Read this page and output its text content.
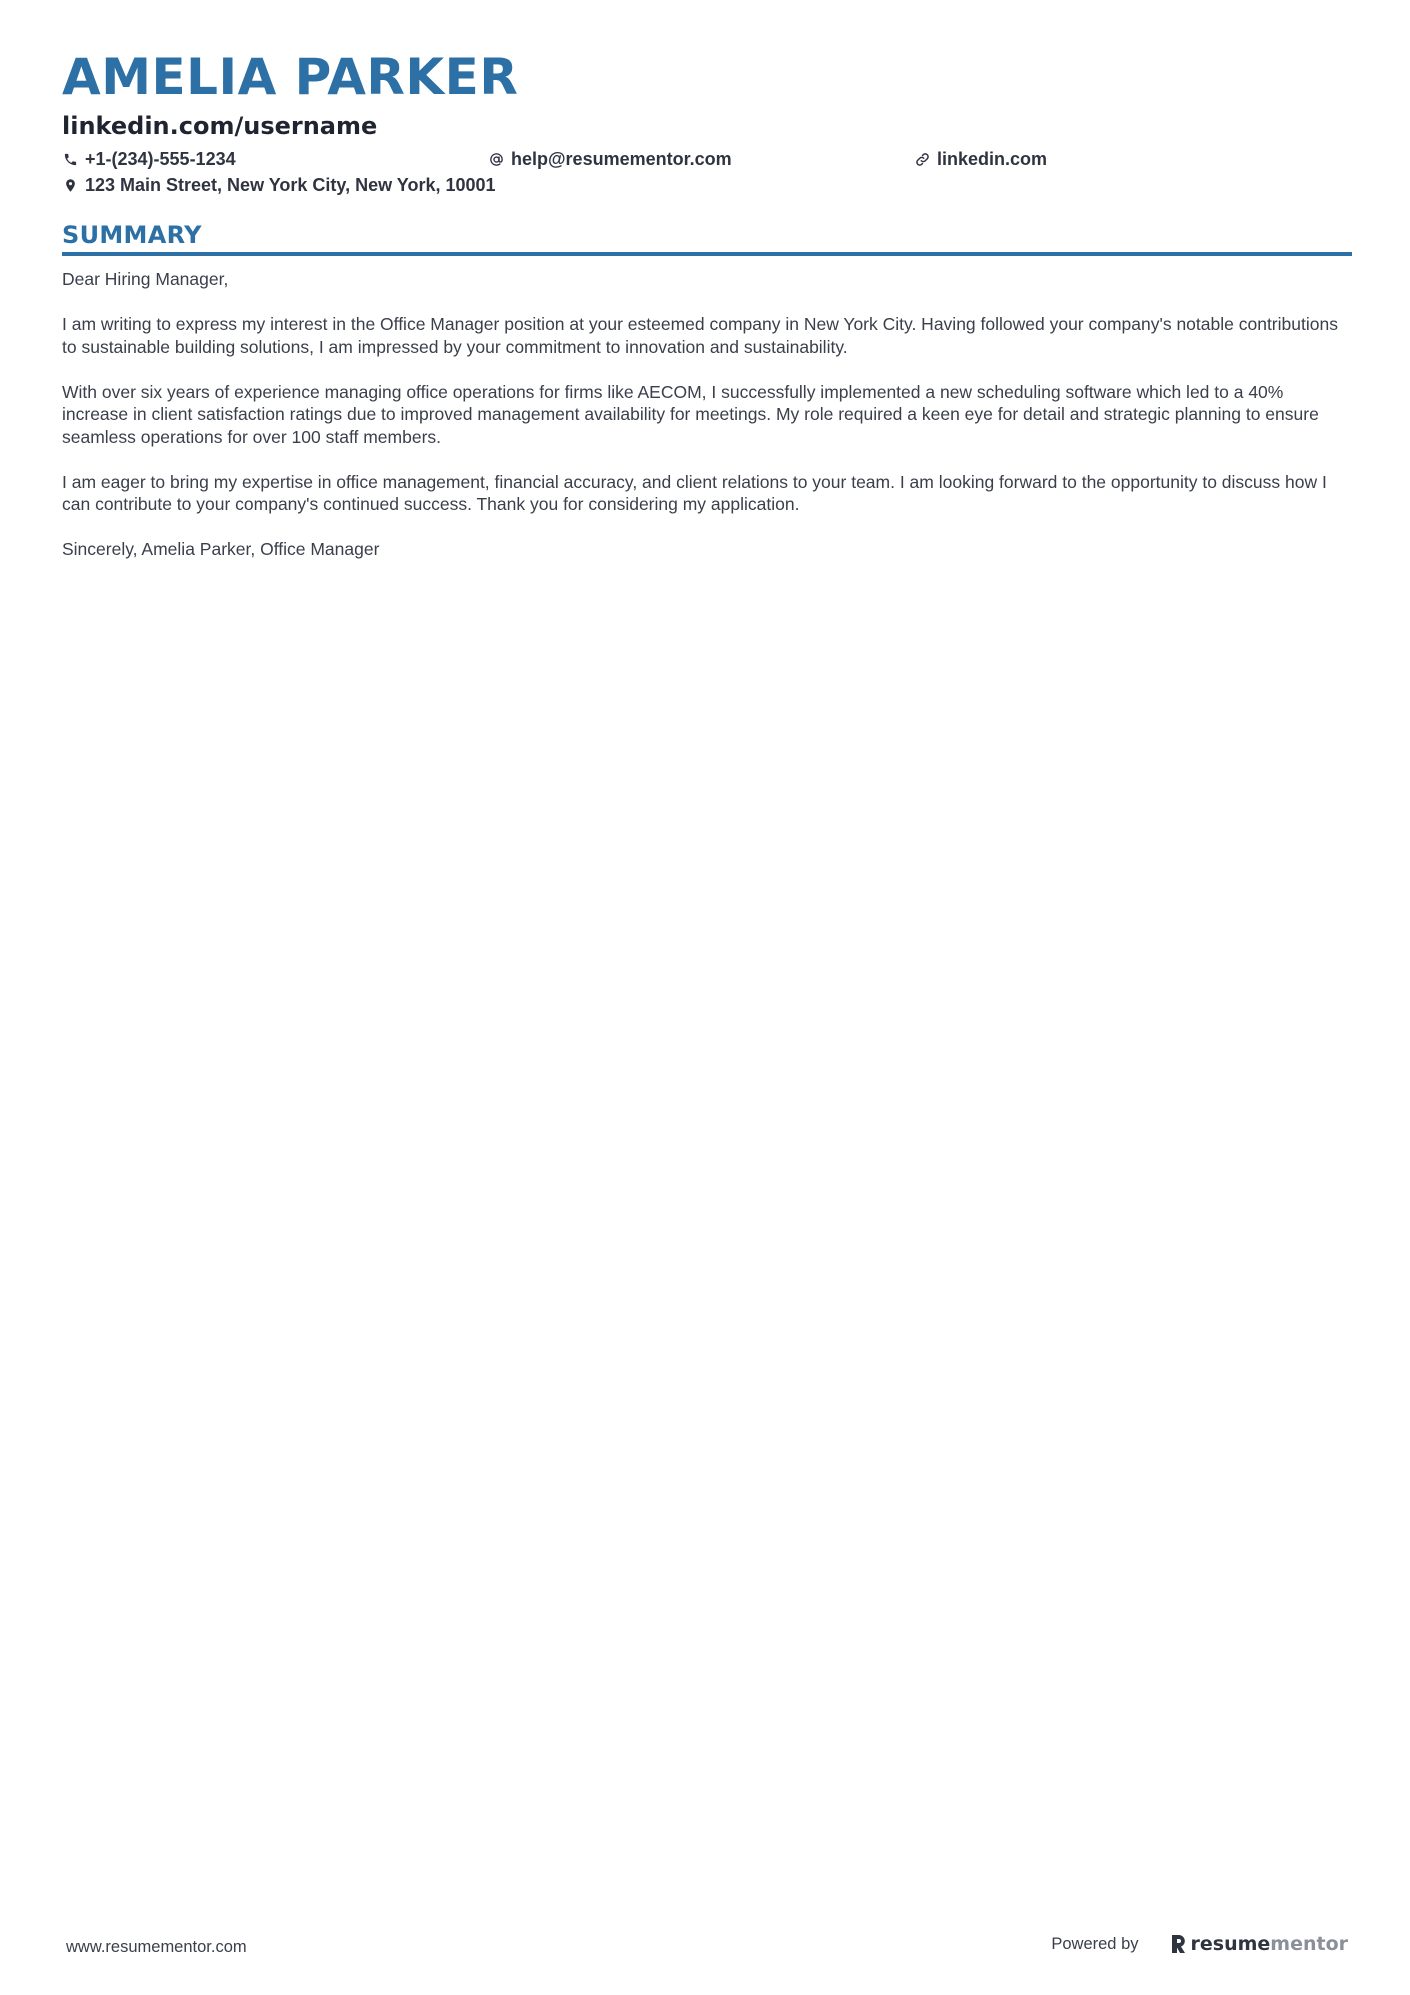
AMELIA PARKER
linkedin.com/username
+1-(234)-555-1234	help@resumementor.com	linkedin.com
123 Main Street, New York City, New York, 10001
SUMMARY

Dear Hiring Manager,

I am writing to express my interest in the Office Manager position at your esteemed company in New York City. Having followed your company's notable contributions to sustainable building solutions, I am impressed by your commitment to innovation and sustainability.

With over six years of experience managing office operations for firms like AECOM, I successfully implemented a new scheduling software which led to a 40% increase in client satisfaction ratings due to improved management availability for meetings. My role required a keen eye for detail and strategic planning to ensure seamless operations for over 100 staff members.

I am eager to bring my expertise in office management, financial accuracy, and client relations to your team. I am looking forward to the opportunity to discuss how I can contribute to your company's continued success. Thank you for considering my application.

Sincerely, Amelia Parker, Office Manager

www.resumementor.com	Powered by	resume mentor
